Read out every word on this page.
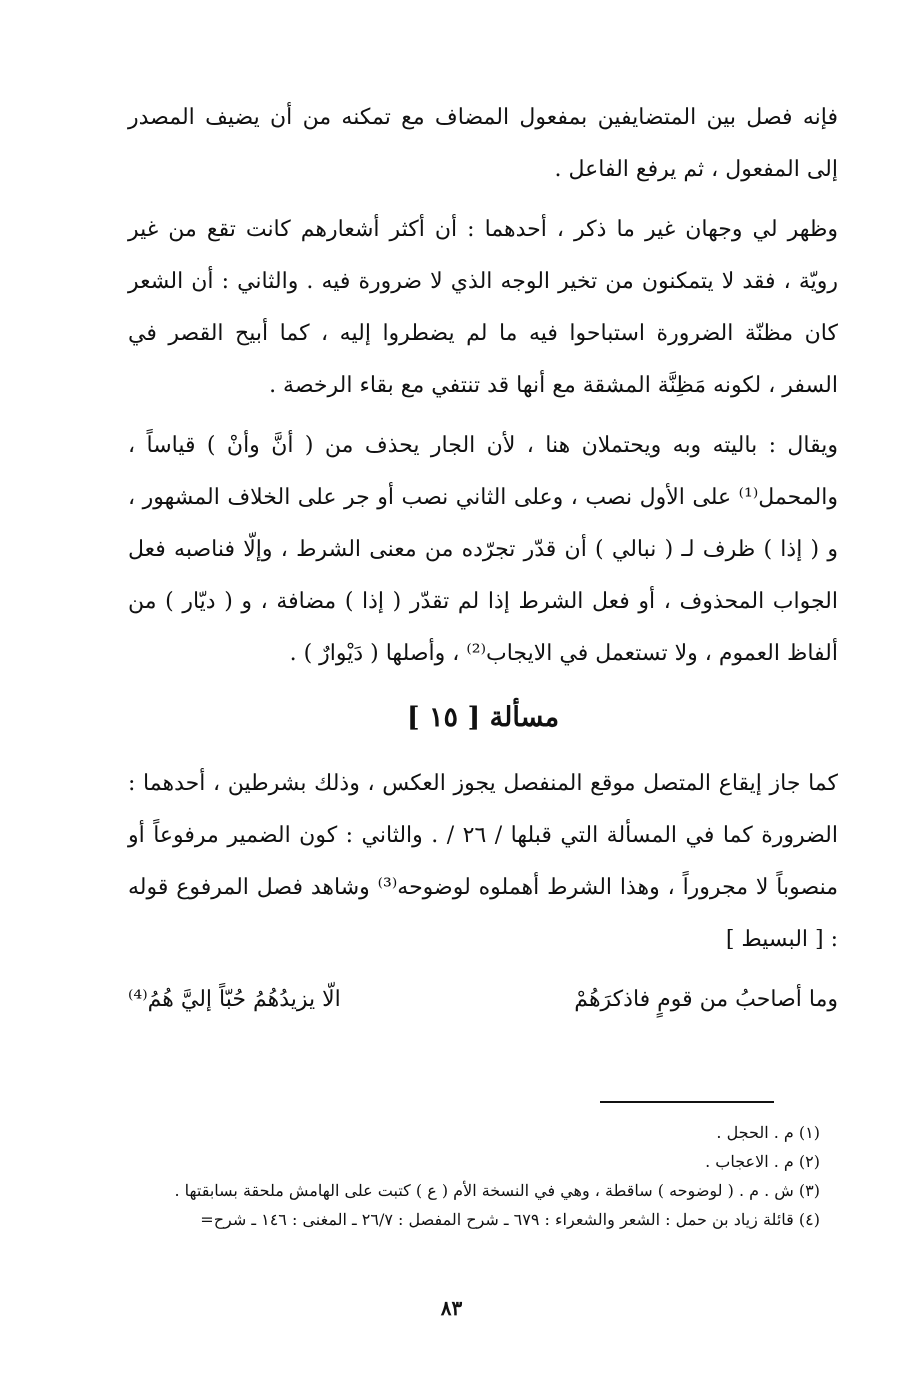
فإنه فصل بين المتضايفين بمفعول المضاف مع تمكنه من أن يضيف المصدر إلى المفعول ، ثم يرفع الفاعل .

وظهر لي وجهان غير ما ذكر ، أحدهما : أن أكثر أشعارهم كانت تقع من غير رويّة ، فقد لا يتمكنون من تخير الوجه الذي لا ضرورة فيه . والثاني : أن الشعر كان مظنّة الضرورة استباحوا فيه ما لم يضطروا إليه ، كما أبيح القصر في السفر ، لكونه مَظِنَّة المشقة مع أنها قد تنتفي مع بقاء الرخصة .

ويقال : باليته وبه ويحتملان هنا ، لأن الجار يحذف من ( أنَّ وأنْ ) قياساً ، والمحمل⁽¹⁾ على الأول نصب ، وعلى الثاني نصب أو جر على الخلاف المشهور ، و ( إذا ) ظرف لـ ( نبالي ) أن قدّر تجرّده من معنى الشرط ، وإلّا فناصبه فعل الجواب المحذوف ، أو فعل الشرط إذا لم تقدّر ( إذا ) مضافة ، و ( ديّار ) من ألفاظ العموم ، ولا تستعمل في الايجاب⁽²⁾ ، وأصلها ( دَيْوارٌ ) .

مسألة [ ١٥ ]

كما جاز إيقاع المتصل موقع المنفصل يجوز العكس ، وذلك بشرطين ، أحدهما : الضرورة كما في المسألة التي قبلها / ٢٦ / . والثاني : كون الضمير مرفوعاً أو منصوباً لا مجروراً ، وهذا الشرط أهملوه لوضوحه⁽³⁾ وشاهد فصل المرفوع قوله : [ البسيط ]

وما أصاحبُ من قومٍ فاذكرَهُمْ
الّا يزيدُهُمُ حُبّاً إليَّ هُمُ⁽⁴⁾
(١) م . الحجل .
(٢) م . الاعجاب .
(٣) ش . م . ( لوضوحه ) ساقطة ، وهي في النسخة الأم ( ع ) كتبت على الهامش ملحقة بسابقتها .
(٤) قائلة زياد بن حمل : الشعر والشعراء : ٦٧٩ ـ شرح المفصل : ٢٦/٧ ـ المغنى : ١٤٦ ـ شرح=
٨٣
